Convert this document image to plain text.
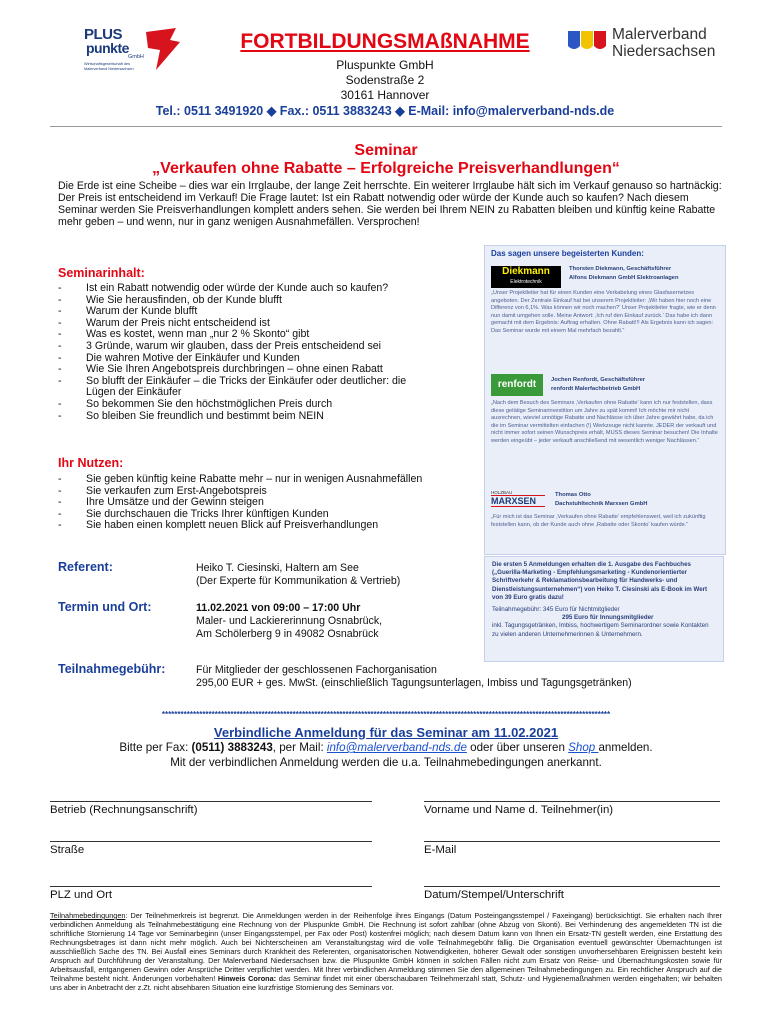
PLUS
punkte
GmbH
Wirtschaftsgesellschaft des Malerverband Niedersachsen
FORTBILDUNGSMAßNAHME
Pluspunkte GmbH
Sodenstraße 2
30161 Hannover
Tel.: 0511 3491920 ◆ Fax.: 0511 3883243 ◆ E-Mail: info@malerverband-nds.de
Malerverband
Niedersachsen
Seminar
„Verkaufen ohne Rabatte – Erfolgreiche Preisverhandlungen“
Die Erde ist eine Scheibe – dies war ein Irrglaube, der lange Zeit herrschte. Ein weiterer Irrglaube hält sich im Verkauf genauso so hartnäckig: Der Preis ist entscheidend im Verkauf! Die Frage lautet: Ist ein Rabatt notwendig oder würde der Kunde auch so kaufen? Nach diesem Seminar werden Sie Preisverhandlungen komplett anders sehen. Sie werden bei Ihrem NEIN zu Rabatten bleiben und künftig keine Rabatte mehr geben – und wenn, nur in ganz wenigen Ausnahmefällen. Versprochen!
Seminarinhalt:
- Ist ein Rabatt notwendig oder würde der Kunde auch so kaufen?
- Wie Sie herausfinden, ob der Kunde blufft
- Warum der Kunde blufft
- Warum der Preis nicht entscheidend ist
- Was es kostet, wenn man „nur 2 % Skonto“ gibt
- 3 Gründe, warum wir glauben, dass der Preis entscheidend sei
- Die wahren Motive der Einkäufer und Kunden
- Wie Sie Ihren Angebotspreis durchbringen – ohne einen Rabatt
- So blufft der Einkäufer – die Tricks der Einkäufer oder deutlicher: die Lügen der Einkäufer
- So bekommen Sie den höchstmöglichen Preis durch
- So bleiben Sie freundlich und bestimmt beim NEIN
Ihr Nutzen:
- Sie geben künftig keine Rabatte mehr – nur in wenigen Ausnahmefällen
- Sie verkaufen zum Erst-Angebotspreis
- Ihre Umsätze und der Gewinn steigen
- Sie durchschauen die Tricks Ihrer künftigen Kunden
- Sie haben einen komplett neuen Blick auf Preisverhandlungen
Das sagen unsere begeisterten Kunden:
Diekmann
Elektrotechnik
Thorsten Diekmann, Geschäftsführer
Alfons Diekmann GmbH Elektroanlagen
„Unser Projektleiter hat für einen Kunden eine Verkabelung eines Glasfasernetzes angeboten. Der Zentrale Einkauf hat bei unserem Projektleiter: ‚Wir haben hier noch eine Differenz von 6,1%. Was können wir noch machen?‘ Unser Projektleiter fragte, wie er denn nun damit umgehen solle. Meine Antwort: ‚Ich ruf den Einkauf zurück.‘ Das habe ich dann gemacht mit dem Ergebnis: Auftrag erhalten. Ohne Rabatt!!! Als Ergebnis kann ich sagen: Das Seminar wurde mit einem Mal mehrfach bezahlt.“
renfordt	Jochen Renfordt, Geschäftsführer
renfordt Malerfachbetrieb GmbH
„Nach dem Besuch des Seminars ‚Verkaufen ohne Rabatte‘ kann ich nur feststellen, dass diese getätige Seminarinvestition um Jahre zu spät kommt! Ich möchte mir nicht ausrechnen, wieviel unnötige Rabatte und Nachlässe ich über Jahre gewährt habe, da ich die im Seminar vermittelten einfachen (!) Werkzeuge nicht kannte. JEDER der verkauft und nicht immer sofort seinen Wunschpreis erhält, MUSS dieses Seminar besuchen! Die Inhalte werden eingeübt – jeder verkauft anschließend mit wesentlich weniger Nachlässen.“
HOLZBAU
MARXSEN
Thomas Otto
Dachstuhltechnik Marxsen GmbH
„Für mich ist das Seminar ‚Verkaufen ohne Rabatte‘ empfehlenswert, weil ich zukünftig feststellen kann, ob der Kunde auch ohne ‚Rabatte oder Skonto‘ kaufen würde.“
Die ersten 5 Anmeldungen erhalten die 1. Ausgabe des Fachbuches („Guerilla-Marketing - Empfehlungsmarketing - Kundenorientierter Schriftverkehr & Reklamationsbearbeitung für Handwerks- und Dienstleistungsunternehmen“) von Heiko T. Ciesinski als E-Book im Wert von 39 Euro gratis dazu!
Teilnahmegebühr: 345 Euro für Nichtmitglieder
295 Euro für Innungsmitglieder
inkl. Tagungsgetränken, Imbiss, hochwertigem Seminarordner sowie Kontakten zu vielen anderen Unternehmerinnen & Unternehmern.
Referent:	Heiko T. Ciesinski, Haltern am See
(Der Experte für Kommunikation & Vertrieb)
Termin und Ort:	11.02.2021 von 09:00 – 17:00 Uhr
Maler- und Lackiererinnung Osnabrück,
Am Schölerberg 9 in 49082 Osnabrück
Teilnahmegebühr:	Für Mitglieder der geschlossenen Fachorganisation
295,00 EUR + ges. MwSt. (einschließlich Tagungsunterlagen, Imbiss und Tagungsgetränken)
************************************************************************************************************************************************
Verbindliche Anmeldung für das Seminar am 11.02.2021
Bitte per Fax: (0511) 3883243, per Mail: info@malerverband-nds.de oder über unseren Shop anmelden.
Mit der verbindlichen Anmeldung werden die u.a. Teilnahmebedingungen anerkannt.
Betrieb (Rechnungsanschrift)	Vorname und Name d. Teilnehmer(in)
Straße	E-Mail
PLZ und Ort	Datum/Stempel/Unterschrift
Teilnahmebedingungen: Der Teilnehmerkreis ist begrenzt. Die Anmeldungen werden in der Reihenfolge ihres Eingangs (Datum Posteingangsstempel / Faxeingang) berücksichtigt. Sie erhalten nach Ihrer verbindlichen Anmeldung als Teilnahmebestätigung eine Rechnung von der Pluspunkte GmbH. Die Rechnung ist sofort zahlbar (ohne Abzug von Skonti). Bei Verhinderung des angemeldeten TN ist die schriftliche Stornierung 14 Tage vor Seminarbeginn (unser Eingangsstempel, per Fax oder Post) kostenfrei möglich; nach diesem Datum kann von Ihnen ein Ersatz-TN gestellt werden, eine Erstattung des Rechnungsbetrages ist dann nicht mehr möglich. Auch bei Nichterscheinen am Veranstaltungstag wird die volle Teilnahmegebühr fällig. Die Organisation eventuell gewünschter Übernachtungen ist ausschließlich Sache des TN. Bei Ausfall eines Seminars durch Krankheit des Referenten, organisatorischen Notwendigkeiten, höherer Gewalt oder sonstigen unvorhersehbaren Ereignissen besteht kein Anspruch auf Durchführung der Veranstaltung. Der Malerverband Niedersachsen bzw. die Pluspunkte GmbH können in solchen Fällen nicht zum Ersatz von Reise- und Übernachtungskosten sowie für Arbeitsausfall, entgangenen Gewinn oder Ansprüche Dritter verpflichtet werden. Mit Ihrer verbindlichen Anmeldung stimmen Sie den allgemeinen Teilnahmebedingungen zu. Ein rechtlicher Anspruch auf die Teilnahme besteht nicht. Änderungen vorbehalten! Hinweis Corona: das Seminar findet mit einer überschaubaren Teilnehmerzahl statt, Schutz- und Hygienemaßnahmen werden eingehalten; wir behalten uns aber in Anbetracht der z.Zt. nicht absehbaren Situation eine kurzfristige Stornierung des Seminars vor.
